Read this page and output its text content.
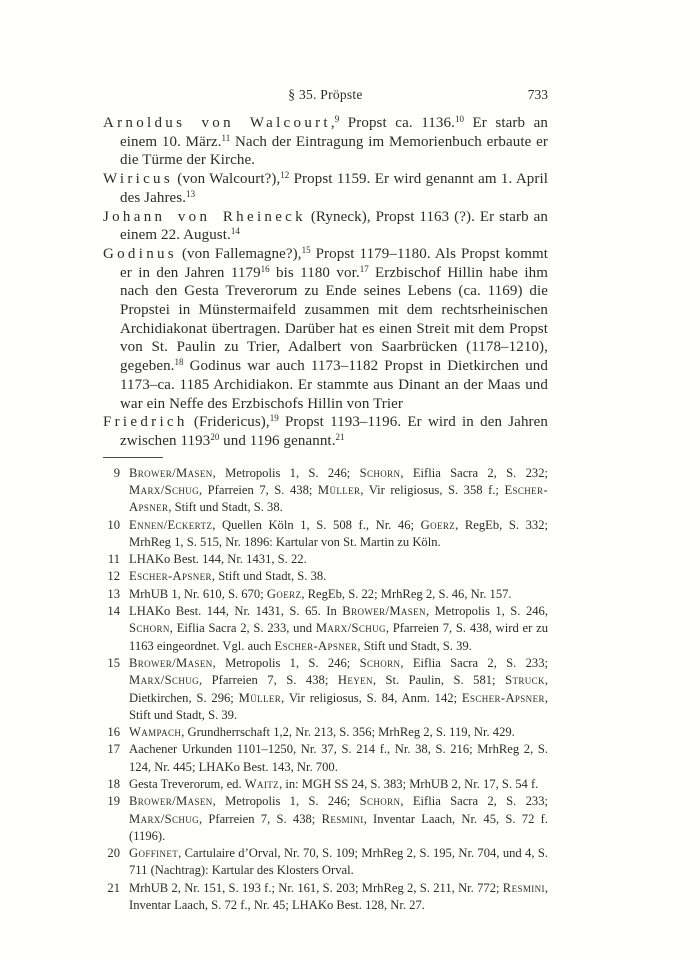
§ 35. Pröpste	733

Arnoldus von Walcourt,$^9$ Propst ca. 1136.10 Er starb an einem 10. März.$^{11}$ Nach der Eintragung im Memorienbuch erbaute er die Türme der Kirche.

Wiricus (von Walcourt?),$^{12}$ Propst 1159. Er wird genannt am 1. April des Jahres.$^{13}$

Johann von Rheineck (Ryneck), Propst 1163 (?). Er starb an einem 22. August.$^{14}$

Godinus (von Fallemagne?),$^{15}$ Propst 1179–1180. Als Propst kommt er in den Jahren 1179$^{16}$ bis 1180 vor.$^{17}$ Erzbischof Hillin habe ihm nach den Gesta Treverorum zu Ende seines Lebens (ca. 1169) die Propstei in Münstermaifeld zusammen mit dem rechtsrheinischen Archidiakonat übertragen. Darüber hat es einen Streit mit dem Propst von St. Paulin zu Trier, Adalbert von Saarbrücken (1178–1210), gegeben.$^{18}$ Godinus war auch 1173–1182 Propst in Dietkirchen und 1173–ca. 1185 Archidiakon. Er stammte aus Dinant an der Maas und war ein Neffe des Erzbischofs Hillin von Trier

Friedrich (Fridericus),$^{19}$ Propst 1193–1196. Er wird in den Jahren zwischen 1193$^{20}$ und 1196 genannt.$^{21}$

9 Brower/Masen, Metropolis 1, S. 246; Schorn, Eiflia Sacra 2, S. 232; Marx/Schug, Pfarreien 7, S. 438; Müller, Vir religiosus, S. 358 f.; Escher-Apsner, Stift und Stadt, S. 38.

10 Ennen/Eckertz, Quellen Köln 1, S. 508 f., Nr. 46; Goerz, RegEb, S. 332; MrhReg 1, S. 515, Nr. 1896: Kartular von St. Martin zu Köln.

11 LHAKo Best. 144, Nr. 1431, S. 22.

12 Escher-Apsner, Stift und Stadt, S. 38.

13 MrhUB 1, Nr. 610, S. 670; Goerz, RegEb, S. 22; MrhReg 2, S. 46, Nr. 157.

14 LHAKo Best. 144, Nr. 1431, S. 65. In Brower/Masen, Metropolis 1, S. 246, Schorn, Eiflia Sacra 2, S. 233, und Marx/Schug, Pfarreien 7, S. 438, wird er zu 1163 eingeordnet. Vgl. auch Escher-Apsner, Stift und Stadt, S. 39.

15 Brower/Masen, Metropolis 1, S. 246; Schorn, Eiflia Sacra 2, S. 233; Marx/Schug, Pfarreien 7, S. 438; Heyen, St. Paulin, S. 581; Struck, Dietkirchen, S. 296; Müller, Vir religiosus, S. 84, Anm. 142; Escher-Apsner, Stift und Stadt, S. 39.

16 Wampach, Grundherrschaft 1,2, Nr. 213, S. 356; MrhReg 2, S. 119, Nr. 429.

17 Aachener Urkunden 1101–1250, Nr. 37, S. 214 f., Nr. 38, S. 216; MrhReg 2, S. 124, Nr. 445; LHAKo Best. 143, Nr. 700.

18 Gesta Treverorum, ed. Waitz, in: MGH SS 24, S. 383; MrhUB 2, Nr. 17, S. 54 f.

19 Brower/Masen, Metropolis 1, S. 246; Schorn, Eiflia Sacra 2, S. 233; Marx/Schug, Pfarreien 7, S. 438; Resmini, Inventar Laach, Nr. 45, S. 72 f. (1196).

20 Goffinet, Cartulaire d’Orval, Nr. 70, S. 109; MrhReg 2, S. 195, Nr. 704, und 4, S. 711 (Nachtrag): Kartular des Klosters Orval.

21 MrhUB 2, Nr. 151, S. 193 f.; Nr. 161, S. 203; MrhReg 2, S. 211, Nr. 772; Resmini, Inventar Laach, S. 72 f., Nr. 45; LHAKo Best. 128, Nr. 27.
